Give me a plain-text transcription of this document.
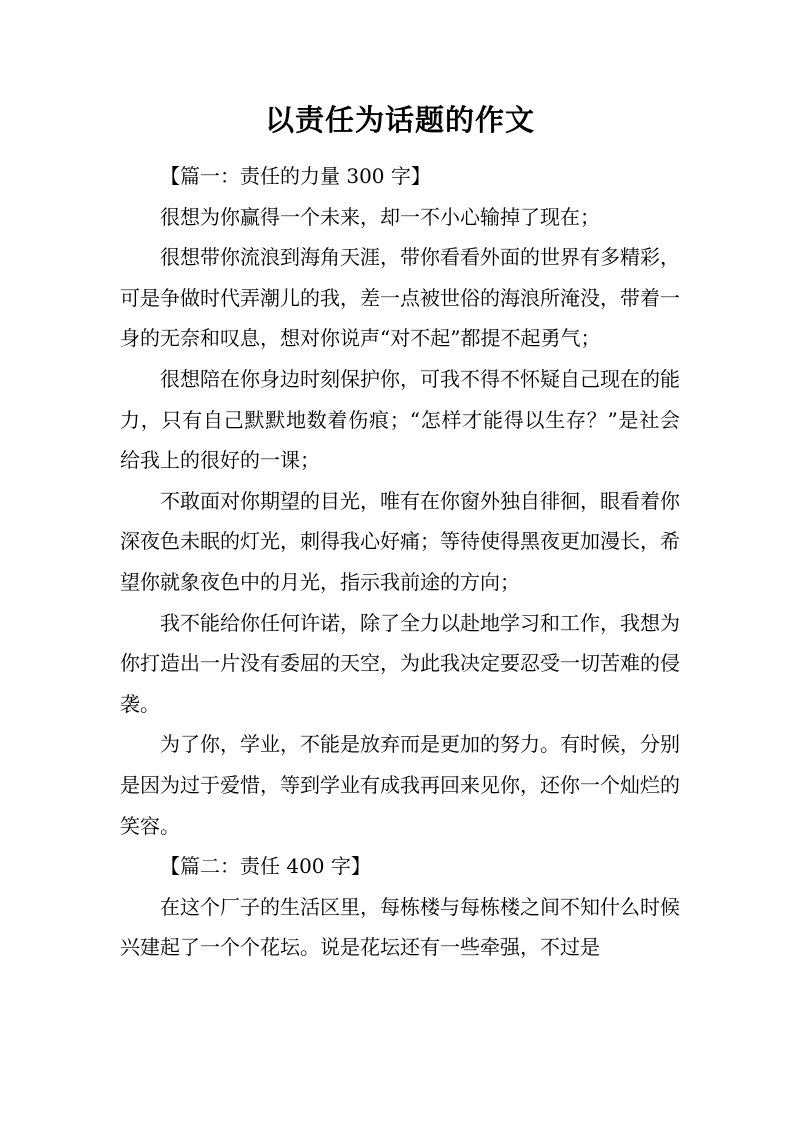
以责任为话题的作文

【篇一：责任的力量 300 字】

很想为你赢得一个未来，却一不小心输掉了现在；

很想带你流浪到海角天涯，带你看看外面的世界有多精彩，可是争做时代弄潮儿的我，差一点被世俗的海浪所淹没，带着一身的无奈和叹息，想对你说声“对不起”都提不起勇气；

很想陪在你身边时刻保护你，可我不得不怀疑自己现在的能力，只有自己默默地数着伤痕；“怎样才能得以生存？”是社会给我上的很好的一课；

不敢面对你期望的目光，唯有在你窗外独自徘徊，眼看着你深夜色未眠的灯光，刺得我心好痛；等待使得黑夜更加漫长，希望你就象夜色中的月光，指示我前途的方向；

我不能给你任何许诺，除了全力以赴地学习和工作，我想为你打造出一片没有委屈的天空，为此我决定要忍受一切苦难的侵袭。

为了你，学业，不能是放弃而是更加的努力。有时候，分别是因为过于爱惜，等到学业有成我再回来见你，还你一个灿烂的笑容。

【篇二：责任 400 字】

在这个厂子的生活区里，每栋楼与每栋楼之间不知什么时候兴建起了一个个花坛。说是花坛还有一些牵强，不过是
